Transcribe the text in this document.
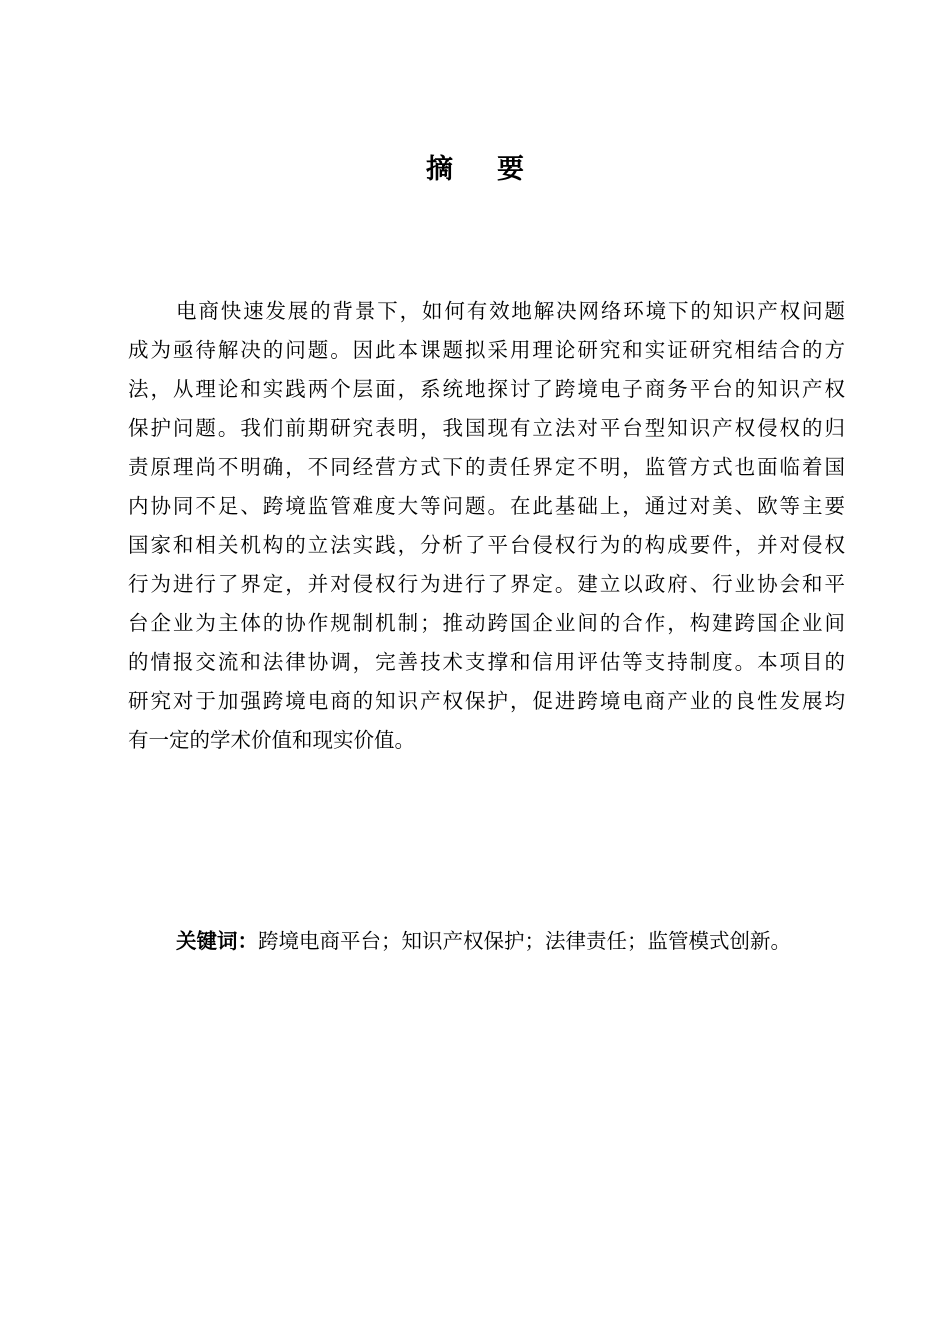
摘 要
电商快速发展的背景下，如何有效地解决网络环境下的知识产权问题
成为亟待解决的问题。因此本课题拟采用理论研究和实证研究相结合的方
法，从理论和实践两个层面，系统地探讨了跨境电子商务平台的知识产权
保护问题。我们前期研究表明，我国现有立法对平台型知识产权侵权的归
责原理尚不明确，不同经营方式下的责任界定不明，监管方式也面临着国
内协同不足、跨境监管难度大等问题。在此基础上，通过对美、欧等主要
国家和相关机构的立法实践，分析了平台侵权行为的构成要件，并对侵权
行为进行了界定，并对侵权行为进行了界定。建立以政府、行业协会和平
台企业为主体的协作规制机制；推动跨国企业间的合作，构建跨国企业间
的情报交流和法律协调，完善技术支撑和信用评估等支持制度。本项目的
研究对于加强跨境电商的知识产权保护，促进跨境电商产业的良性发展均
有一定的学术价值和现实价值。
关键词：跨境电商平台；知识产权保护；法律责任；监管模式创新。
